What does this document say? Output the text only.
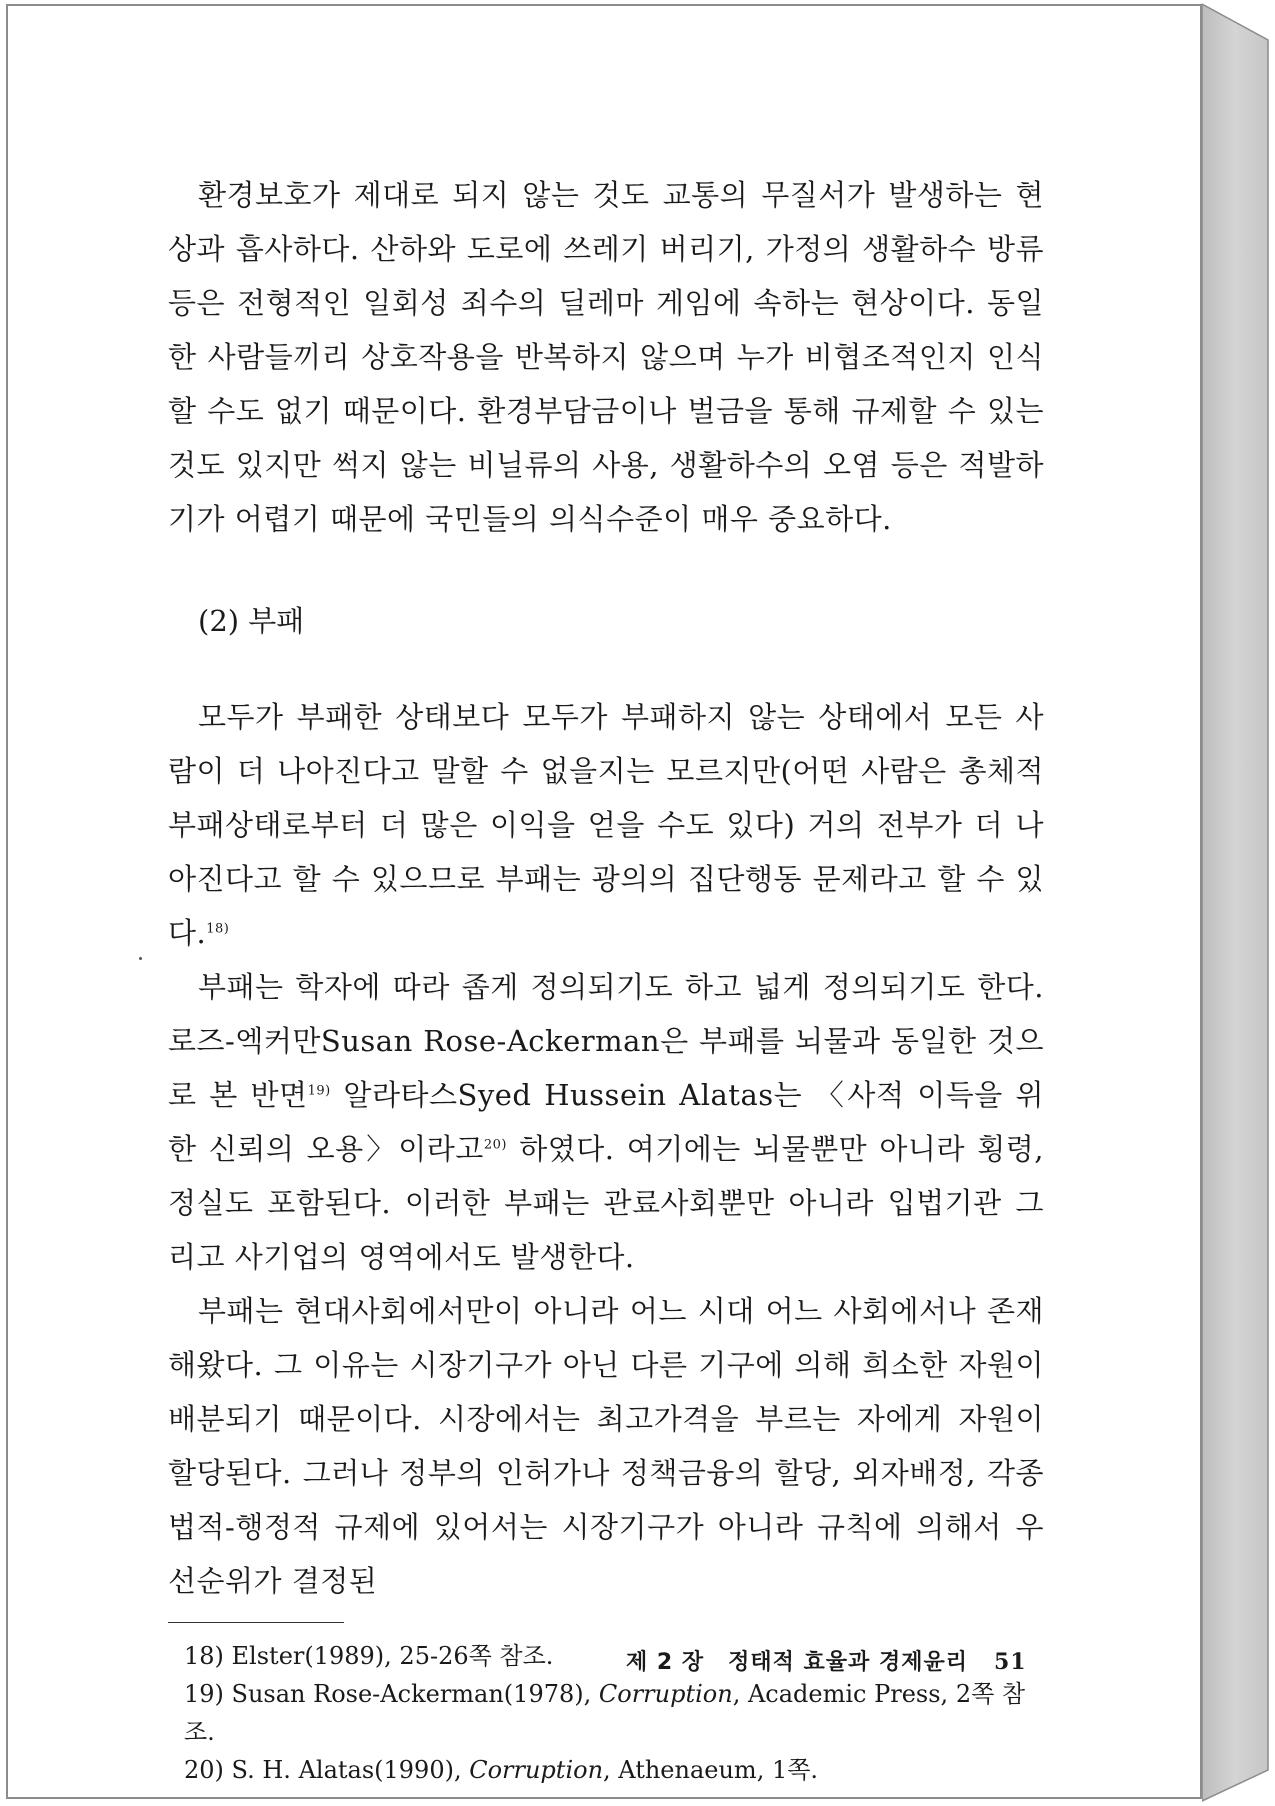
환경보호가 제대로 되지 않는 것도 교통의 무질서가 발생하는 현상과 흡사하다. 산하와 도로에 쓰레기 버리기, 가정의 생활하수 방류 등은 전형적인 일회성 죄수의 딜레마 게임에 속하는 현상이다. 동일한 사람들끼리 상호작용을 반복하지 않으며 누가 비협조적인지 인식할 수도 없기 때문이다. 환경부담금이나 벌금을 통해 규제할 수 있는 것도 있지만 썩지 않는 비닐류의 사용, 생활하수의 오염 등은 적발하기가 어렵기 때문에 국민들의 의식수준이 매우 중요하다.

(2) 부패

모두가 부패한 상태보다 모두가 부패하지 않는 상태에서 모든 사람이 더 나아진다고 말할 수 없을지는 모르지만(어떤 사람은 총체적 부패상태로부터 더 많은 이익을 얻을 수도 있다) 거의 전부가 더 나아진다고 할 수 있으므로 부패는 광의의 집단행동 문제라고 할 수 있다.$^{18)}$

부패는 학자에 따라 좁게 정의되기도 하고 넓게 정의되기도 한다. 로즈-엑커만Susan Rose-Ackerman은 부패를 뇌물과 동일한 것으로 본 반면$^{19)}$ 알라타스Syed Hussein Alatas는 〈사적 이득을 위한 신뢰의 오용〉이라고$^{20)}$ 하였다. 여기에는 뇌물뿐만 아니라 횡령, 정실도 포함된다. 이러한 부패는 관료사회뿐만 아니라 입법기관 그리고 사기업의 영역에서도 발생한다.

부패는 현대사회에서만이 아니라 어느 시대 어느 사회에서나 존재해왔다. 그 이유는 시장기구가 아닌 다른 기구에 의해 희소한 자원이 배분되기 때문이다. 시장에서는 최고가격을 부르는 자에게 자원이 할당된다. 그러나 정부의 인허가나 정책금융의 할당, 외자배정, 각종 법적-행정적 규제에 있어서는 시장기구가 아니라 규칙에 의해서 우선순위가 결정된

18) Elster(1989), 25-26쪽 참조.
19) Susan Rose-Ackerman(1978), Corruption, Academic Press, 2쪽 참조.
20) S. H. Alatas(1990), Corruption, Athenaeum, 1쪽.
제 2 장 정태적 효율과 경제윤리 51
